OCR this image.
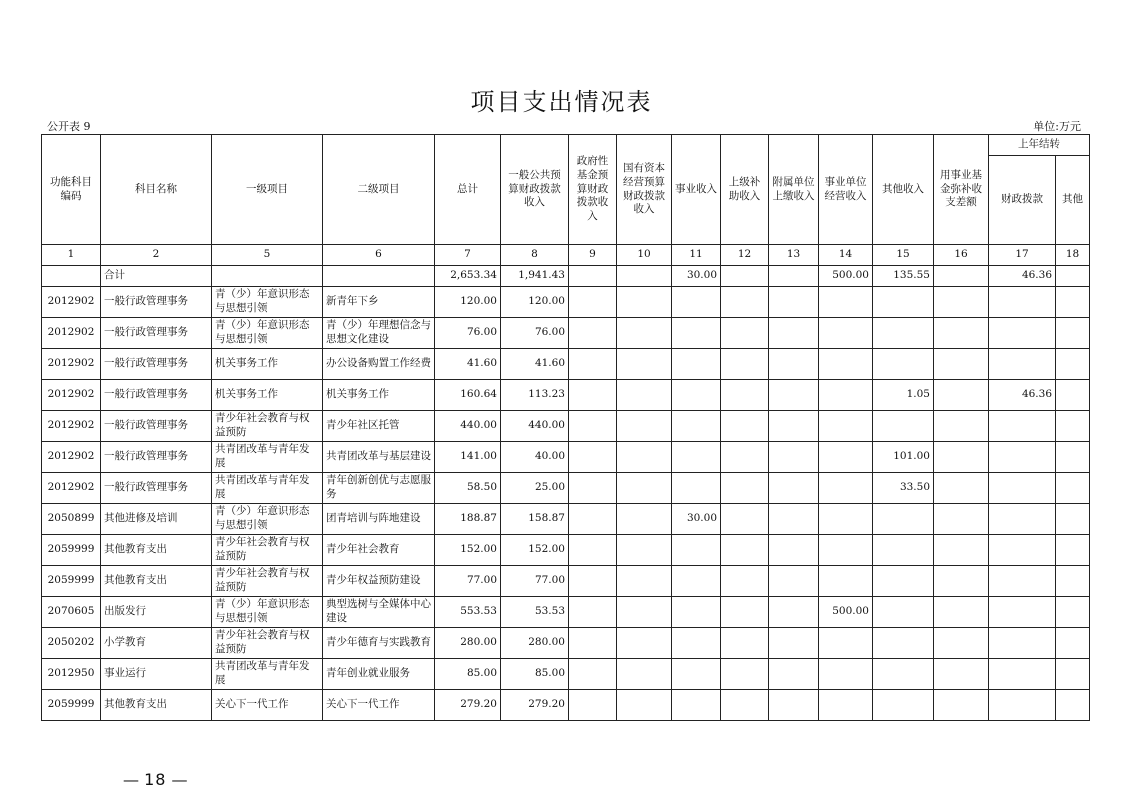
项目支出情况表
公开表 9	单位:万元
功能科目编码	科目名称	一级项目	二级项目	总计	一般公共预算财政拨款收入	政府性基金预算财政拨款收入	国有资本经营预算财政拨款收入	事业收入	上级补助收入	附属单位上缴收入	事业单位经营收入	其他收入	用事业基金弥补收支差额	上年结转	
														财政拨款	其他
1	2	5	6	7	8	9	10	11	12	13	14	15	16	17	18
	合计			2,653.34	1,941.43			30.00			500.00	135.55		46.36	
2012902	一般行政管理事务	青（少）年意识形态与思想引领	新青年下乡	120.00	120.00										
2012902	一般行政管理事务	青（少）年意识形态与思想引领	青（少）年理想信念与思想文化建设	76.00	76.00										
2012902	一般行政管理事务	机关事务工作	办公设备购置工作经费	41.60	41.60										
2012902	一般行政管理事务	机关事务工作	机关事务工作	160.64	113.23							1.05		46.36	
2012902	一般行政管理事务	青少年社会教育与权益预防	青少年社区托管	440.00	440.00										
2012902	一般行政管理事务	共青团改革与青年发展	共青团改革与基层建设	141.00	40.00							101.00			
2012902	一般行政管理事务	共青团改革与青年发展	青年创新创优与志愿服务	58.50	25.00							33.50			
2050899	其他进修及培训	青（少）年意识形态与思想引领	团青培训与阵地建设	188.87	158.87			30.00							
2059999	其他教育支出	青少年社会教育与权益预防	青少年社会教育	152.00	152.00										
2059999	其他教育支出	青少年社会教育与权益预防	青少年权益预防建设	77.00	77.00										
2070605	出版发行	青（少）年意识形态与思想引领	典型选树与全媒体中心建设	553.53	53.53						500.00				
2050202	小学教育	青少年社会教育与权益预防	青少年德育与实践教育	280.00	280.00										
2012950	事业运行	共青团改革与青年发展	青年创业就业服务	85.00	85.00										
2059999	其他教育支出	关心下一代工作	关心下一代工作	279.20	279.20										
— 18 —
